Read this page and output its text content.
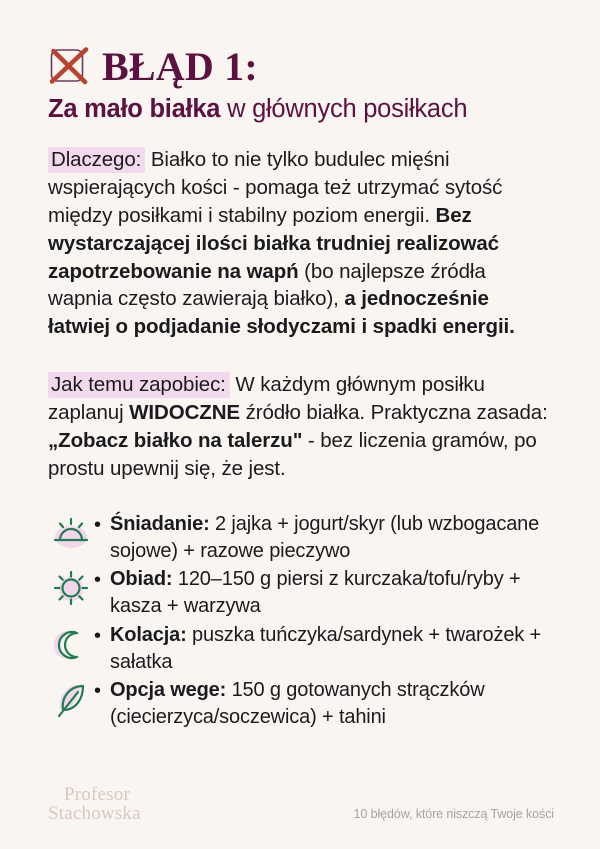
BŁĄD 1:

Za mało białka w głównych posiłkach

Dlaczego: Białko to nie tylko budulec mięśni wspierających kości - pomaga też utrzymać sytość między posiłkami i stabilny poziom energii. Bez wystarczającej ilości białka trudniej realizować zapotrzebowanie na wapń (bo najlepsze źródła wapnia często zawierają białko), a jednocześnie łatwiej o podjadanie słodyczami i spadki energii.

Jak temu zapobiec: W każdym głównym posiłku zaplanuj WIDOCZNE źródło białka. Praktyczna zasada: „Zobacz białko na talerzu" - bez liczenia gramów, po prostu upewnij się, że jest.

• Śniadanie: 2 jajka + jogurt/skyr (lub wzbogacane sojowe) + razowe pieczywo
• Obiad: 120–150 g piersi z kurczaka/tofu/ryby + kasza + warzywa
• Kolacja: puszka tuńczyka/sardynek + twarożek + sałatka
• Opcja wege: 150 g gotowanych strączków (ciecierzyca/soczewica) + tahini
Profesor
Stachowska	10 błędów, które niszczą Twoje kości
